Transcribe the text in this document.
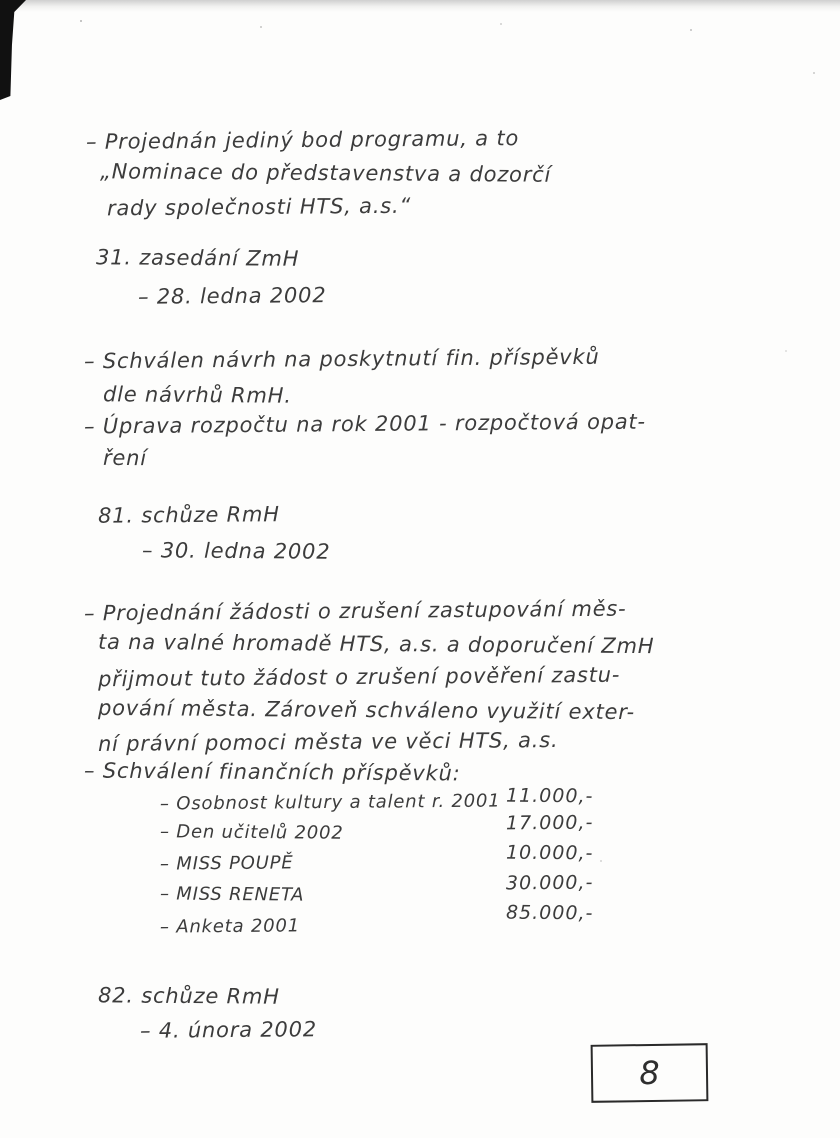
– Projednán jediný bod programu, a to
„Nominace do představenstva a dozorčí
rady společnosti HTS, a.s.“
31. zasedání ZmH
– 28. ledna 2002
– Schválen návrh na poskytnutí fin. příspěvků
dle návrhů RmH.
– Úprava rozpočtu na rok 2001 - rozpočtová opat-
ření
81. schůze RmH
– 30. ledna 2002
– Projednání žádosti o zrušení zastupování měs-
ta na valné hromadě HTS, a.s. a doporučení ZmH
přijmout tuto žádost o zrušení pověření zastu-
pování města. Zároveň schváleno využití exter-
ní právní pomoci města ve věci HTS, a.s.
– Schválení finančních příspěvků:
– Osobnost kultury a talent r. 2001 11.000,-
– Den učitelů 2002	17.000,-
– MISS POUPĚ	10.000,-
– MISS RENETA
30.000,-
– Anketa 2001
85.000,-
82. schůze RmH
– 4. února 2002
8
